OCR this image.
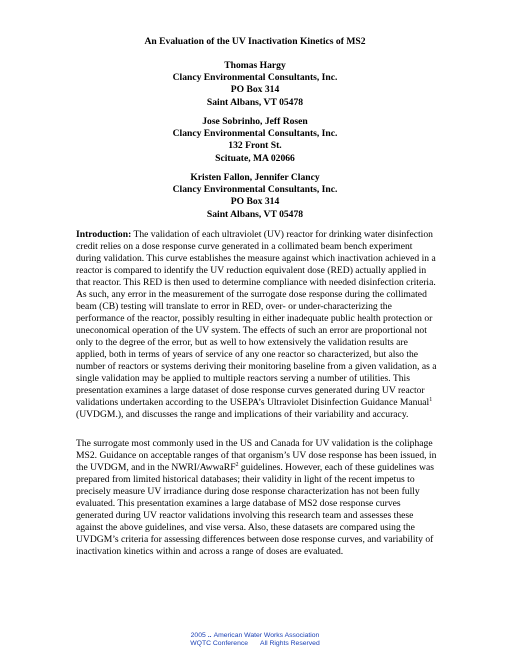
An Evaluation of the UV Inactivation Kinetics of MS2
Thomas Hargy
Clancy Environmental Consultants, Inc.
PO Box 314
Saint Albans, VT 05478
Jose Sobrinho, Jeff Rosen
Clancy Environmental Consultants, Inc.
132 Front St.
Scituate, MA 02066
Kristen Fallon, Jennifer Clancy
Clancy Environmental Consultants, Inc.
PO Box 314
Saint Albans, VT 05478

Introduction: The validation of each ultraviolet (UV) reactor for drinking water disinfection credit relies on a dose response curve generated in a collimated beam bench experiment during validation. This curve establishes the measure against which inactivation achieved in a reactor is compared to identify the UV reduction equivalent dose (RED) actually applied in that reactor. This RED is then used to determine compliance with needed disinfection criteria. As such, any error in the measurement of the surrogate dose response during the collimated beam (CB) testing will translate to error in RED, over- or under-characterizing the performance of the reactor, possibly resulting in either inadequate public health protection or uneconomical operation of the UV system. The effects of such an error are proportional not only to the degree of the error, but as well to how extensively the validation results are applied, both in terms of years of service of any one reactor so characterized, but also the number of reactors or systems deriving their monitoring baseline from a given validation, as a single validation may be applied to multiple reactors serving a number of utilities. This presentation examines a large dataset of dose response curves generated during UV reactor validations undertaken according to the USEPA’s Ultraviolet Disinfection Guidance Manual$^1$ (UVDGM.), and discusses the range and implications of their variability and accuracy.

The surrogate most commonly used in the US and Canada for UV validation is the coliphage MS2. Guidance on acceptable ranges of that organism’s UV dose response has been issued, in the UVDGM, and in the NWRI/AwwaRF$^2$ guidelines. However, each of these guidelines was prepared from limited historical databases; their validity in light of the recent impetus to precisely measure UV irradiance during dose response characterization has not been fully evaluated. This presentation examines a large database of MS2 dose response curves generated during UV reactor validations involving this research team and assesses these against the above guidelines, and vise versa. Also, these datasets are compared using the UVDGM’s criteria for assessing differences between dose response curves, and variability of inactivation kinetics within and across a range of doses are evaluated.

2005 .. American Water Works Association
WQTC Conference All Rights Reserved
